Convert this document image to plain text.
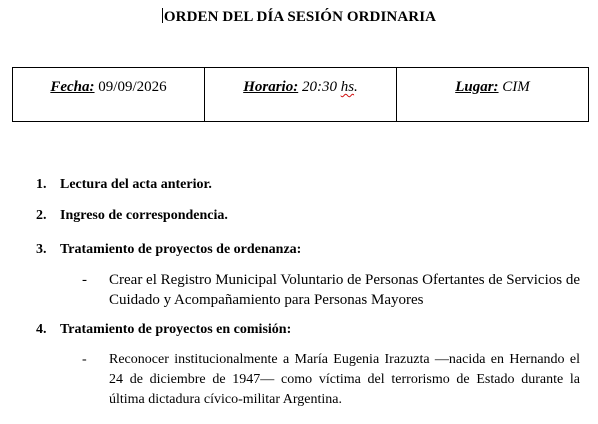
ORDEN DEL DÍA SESIÓN ORDINARIA
Fecha: 09/09/2026	Horario: 20:30 hs.	Lugar: CIM
1. Lectura del acta anterior.
2. Ingreso de correspondencia.
3. Tratamiento de proyectos de ordenanza:
- Crear el Registro Municipal Voluntario de Personas Ofertantes de Servicios de Cuidado y Acompañamiento para Personas Mayores
4. Tratamiento de proyectos en comisión:
- Reconocer institucionalmente a María Eugenia Irazuzta —nacida en Hernando el 24 de diciembre de 1947— como víctima del terrorismo de Estado durante la última dictadura cívico-militar Argentina.
